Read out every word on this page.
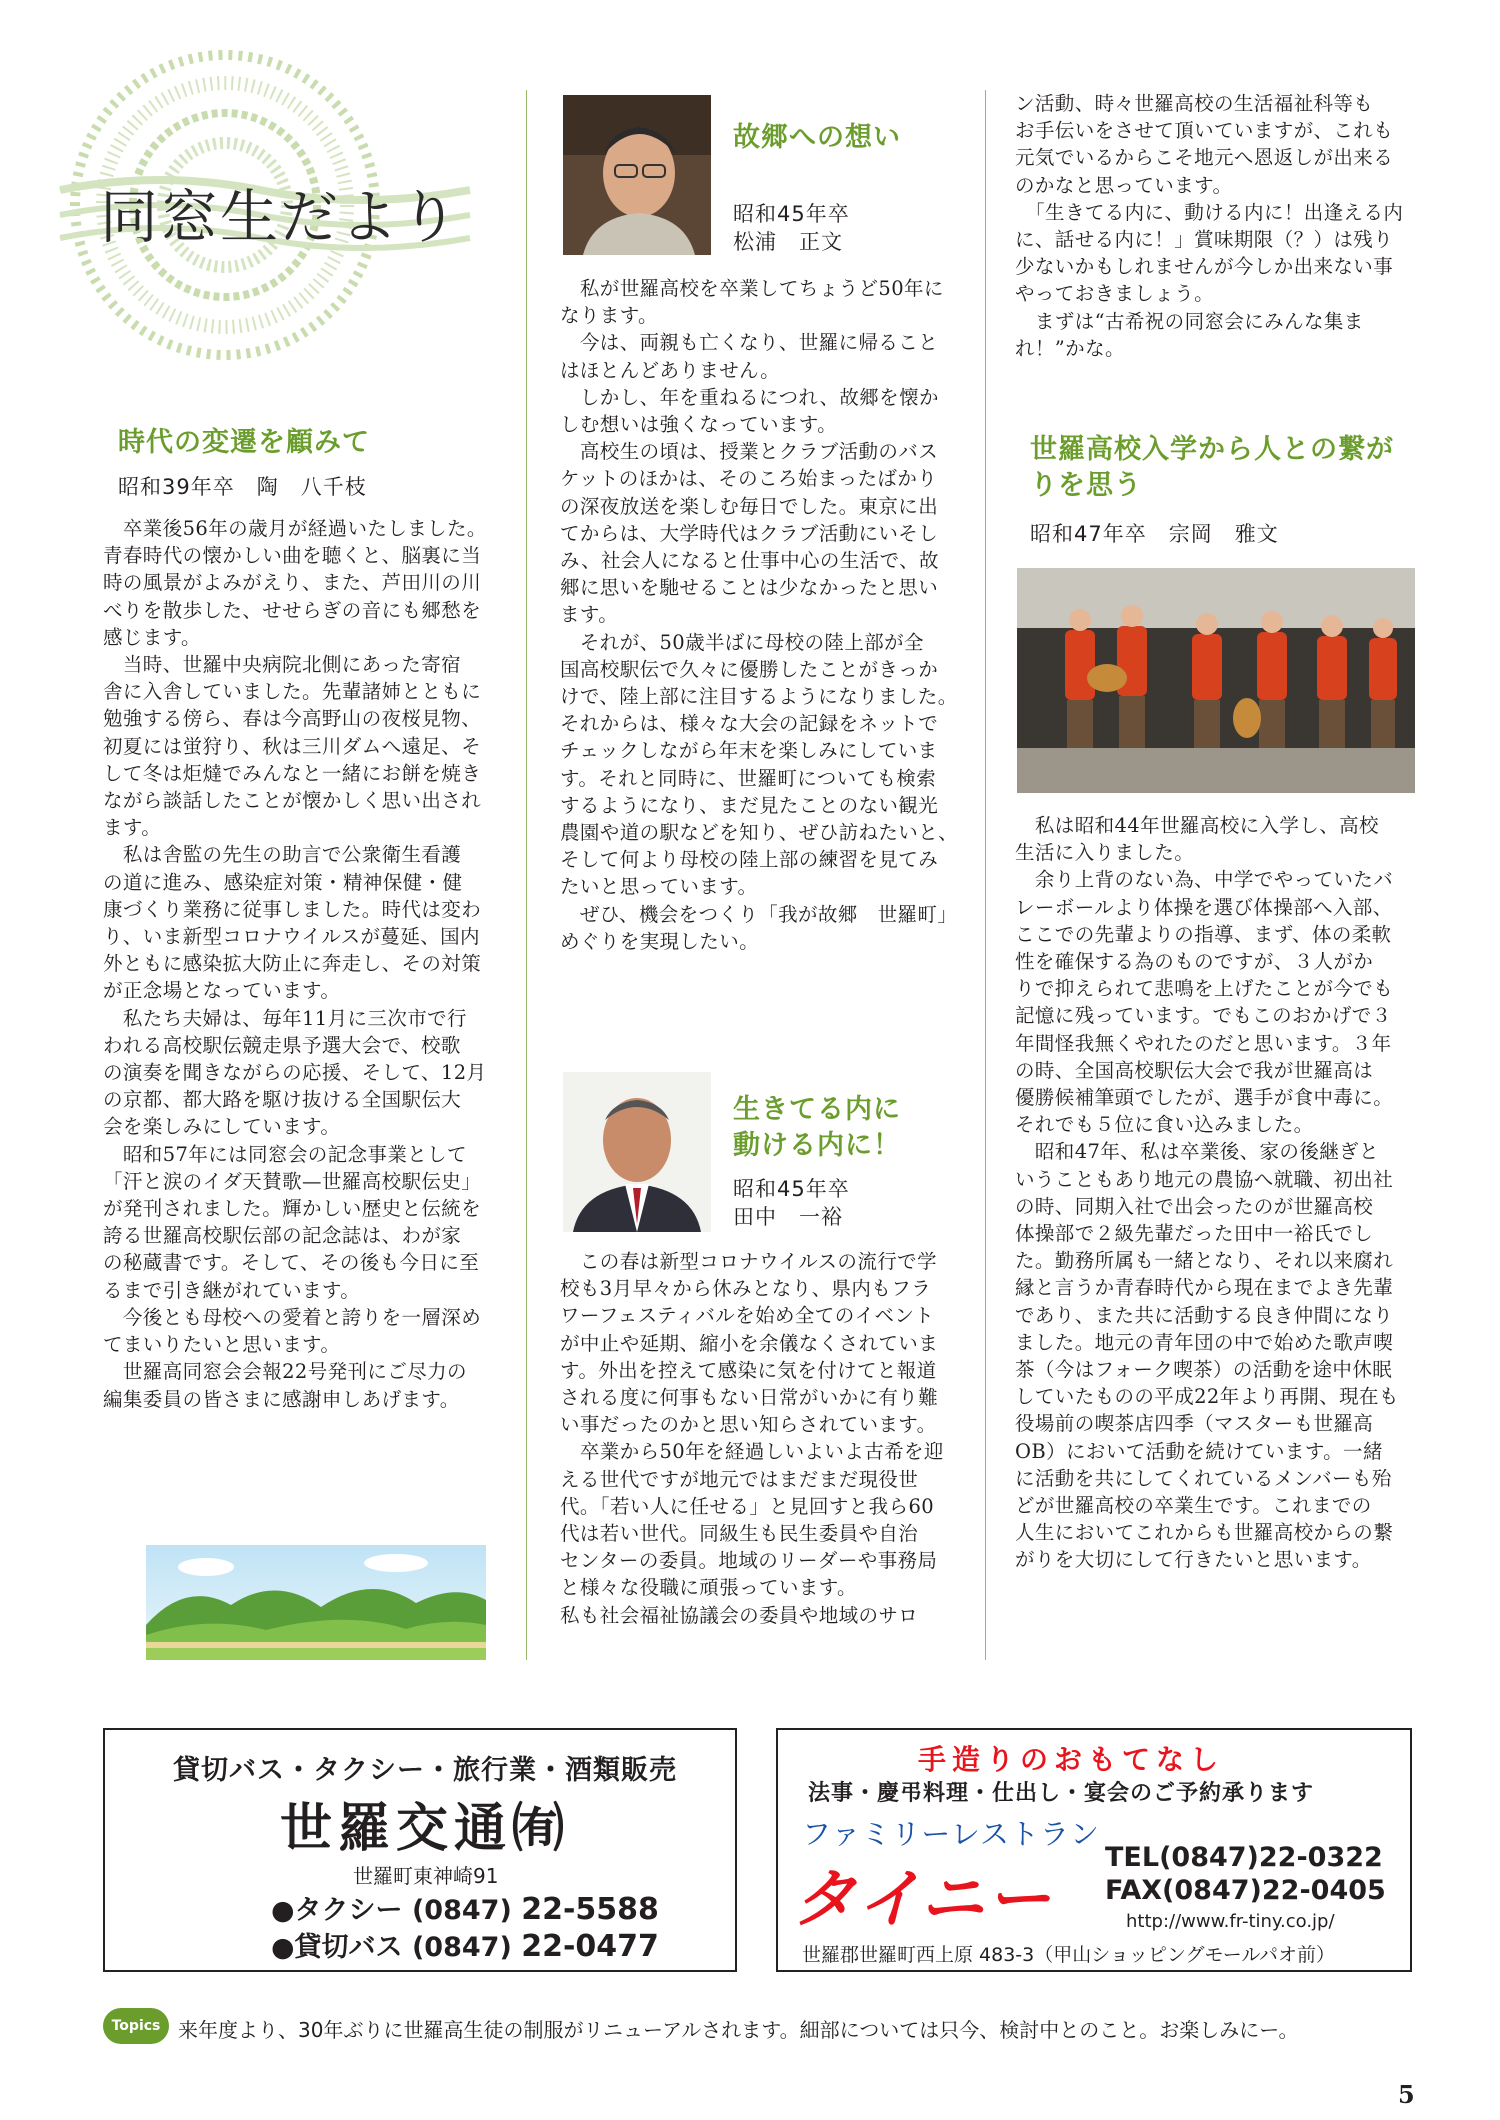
同窓生だより
時代の変遷を顧みて
昭和39年卒　陶　八千枝
　卒業後56年の歳月が経過いたしました。
青春時代の懐かしい曲を聴くと、脳裏に当
時の風景がよみがえり、また、芦田川の川
べりを散歩した、せせらぎの音にも郷愁を
感じます。
　当時、世羅中央病院北側にあった寄宿
舎に入舎していました。先輩諸姉とともに
勉強する傍ら、春は今高野山の夜桜見物、
初夏には蛍狩り、秋は三川ダムへ遠足、そ
して冬は炬燵でみんなと一緒にお餅を焼き
ながら談話したことが懐かしく思い出され
ます。
　私は舎監の先生の助言で公衆衛生看護
の道に進み、感染症対策・精神保健・健
康づくり業務に従事しました。時代は変わ
り、いま新型コロナウイルスが蔓延、国内
外ともに感染拡大防止に奔走し、その対策
が正念場となっています。
　私たち夫婦は、毎年11月に三次市で行
われる高校駅伝競走県予選大会で、校歌
の演奏を聞きながらの応援、そして、12月
の京都、都大路を駆け抜ける全国駅伝大
会を楽しみにしています。
　昭和57年には同窓会の記念事業として
「汗と涙のイダ天賛歌—世羅高校駅伝史」
が発刊されました。輝かしい歴史と伝統を
誇る世羅高校駅伝部の記念誌は、わが家
の秘蔵書です。そして、その後も今日に至
るまで引き継がれています。
　今後とも母校への愛着と誇りを一層深め
てまいりたいと思います。
　世羅高同窓会会報22号発刊にご尽力の
編集委員の皆さまに感謝申しあげます。
故郷への想い
昭和45年卒
松浦　正文
　私が世羅高校を卒業してちょうど50年に
なります。
　今は、両親も亡くなり、世羅に帰ること
はほとんどありません。
　しかし、年を重ねるにつれ、故郷を懐か
しむ想いは強くなっています。
　高校生の頃は、授業とクラブ活動のバス
ケットのほかは、そのころ始まったばかり
の深夜放送を楽しむ毎日でした。東京に出
てからは、大学時代はクラブ活動にいそし
み、社会人になると仕事中心の生活で、故
郷に思いを馳せることは少なかったと思い
ます。
　それが、50歳半ばに母校の陸上部が全
国高校駅伝で久々に優勝したことがきっか
けで、陸上部に注目するようになりました。
それからは、様々な大会の記録をネットで
チェックしながら年末を楽しみにしていま
す。それと同時に、世羅町についても検索
するようになり、まだ見たことのない観光
農園や道の駅などを知り、ぜひ訪ねたいと、
そして何より母校の陸上部の練習を見てみ
たいと思っています。
　ぜひ、機会をつくり「我が故郷　世羅町」
めぐりを実現したい。
生きてる内に
動ける内に！
昭和45年卒
田中　一裕
　この春は新型コロナウイルスの流行で学
校も3月早々から休みとなり、県内もフラ
ワーフェスティバルを始め全てのイベント
が中止や延期、縮小を余儀なくされていま
す。外出を控えて感染に気を付けてと報道
される度に何事もない日常がいかに有り難
い事だったのかと思い知らされています。
　卒業から50年を経過しいよいよ古希を迎
える世代ですが地元ではまだまだ現役世
代。「若い人に任せる」と見回すと我ら60
代は若い世代。同級生も民生委員や自治
センターの委員。地域のリーダーや事務局
と様々な役職に頑張っています。
私も社会福祉協議会の委員や地域のサロ
ン活動、時々世羅高校の生活福祉科等も
お手伝いをさせて頂いていますが、これも
元気でいるからこそ地元へ恩返しが出来る
のかなと思っています。
　「生きてる内に、動ける内に！出逢える内
に、話せる内に！」賞味期限（？）は残り
少ないかもしれませんが今しか出来ない事
やっておきましょう。
　まずは“古希祝の同窓会にみんな集ま
れ！”かな。
世羅高校入学から人との繋が
りを思う
昭和47年卒　宗岡　雅文
　私は昭和44年世羅高校に入学し、高校
生活に入りました。
　余り上背のない為、中学でやっていたバ
レーボールより体操を選び体操部へ入部、
ここでの先輩よりの指導、まず、体の柔軟
性を確保する為のものですが、３人がか
りで抑えられて悲鳴を上げたことが今でも
記憶に残っています。でもこのおかげで３
年間怪我無くやれたのだと思います。３年
の時、全国高校駅伝大会で我が世羅高は
優勝候補筆頭でしたが、選手が食中毒に。
それでも５位に食い込みました。
　昭和47年、私は卒業後、家の後継ぎと
いうこともあり地元の農協へ就職、初出社
の時、同期入社で出会ったのが世羅高校
体操部で２級先輩だった田中一裕氏でし
た。勤務所属も一緒となり、それ以来腐れ
縁と言うか青春時代から現在までよき先輩
であり、また共に活動する良き仲間になり
ました。地元の青年団の中で始めた歌声喫
茶（今はフォーク喫茶）の活動を途中休眠
していたものの平成22年より再開、現在も
役場前の喫茶店四季（マスターも世羅高
OB）において活動を続けています。一緒
に活動を共にしてくれているメンバーも殆
どが世羅高校の卒業生です。これまでの
人生においてこれからも世羅高校からの繋
がりを大切にして行きたいと思います。
貸切バス・タクシー・旅行業・酒類販売
世羅交通㈲
世羅町東神崎91
●タクシー (0847) 22-5588
●貸切バス (0847) 22-0477
手造りのおもてなし
法事・慶弔料理・仕出し・宴会のご予約承ります
ファミリーレストラン
タイニー
TEL(0847)22-0322
FAX(0847)22-0405
http://www.fr-tiny.co.jp/
世羅郡世羅町西上原 483-3（甲山ショッピングモールパオ前）
Topics 来年度より、30年ぶりに世羅高生徒の制服がリニューアルされます。細部については只今、検討中とのこと。お楽しみにー。
5
